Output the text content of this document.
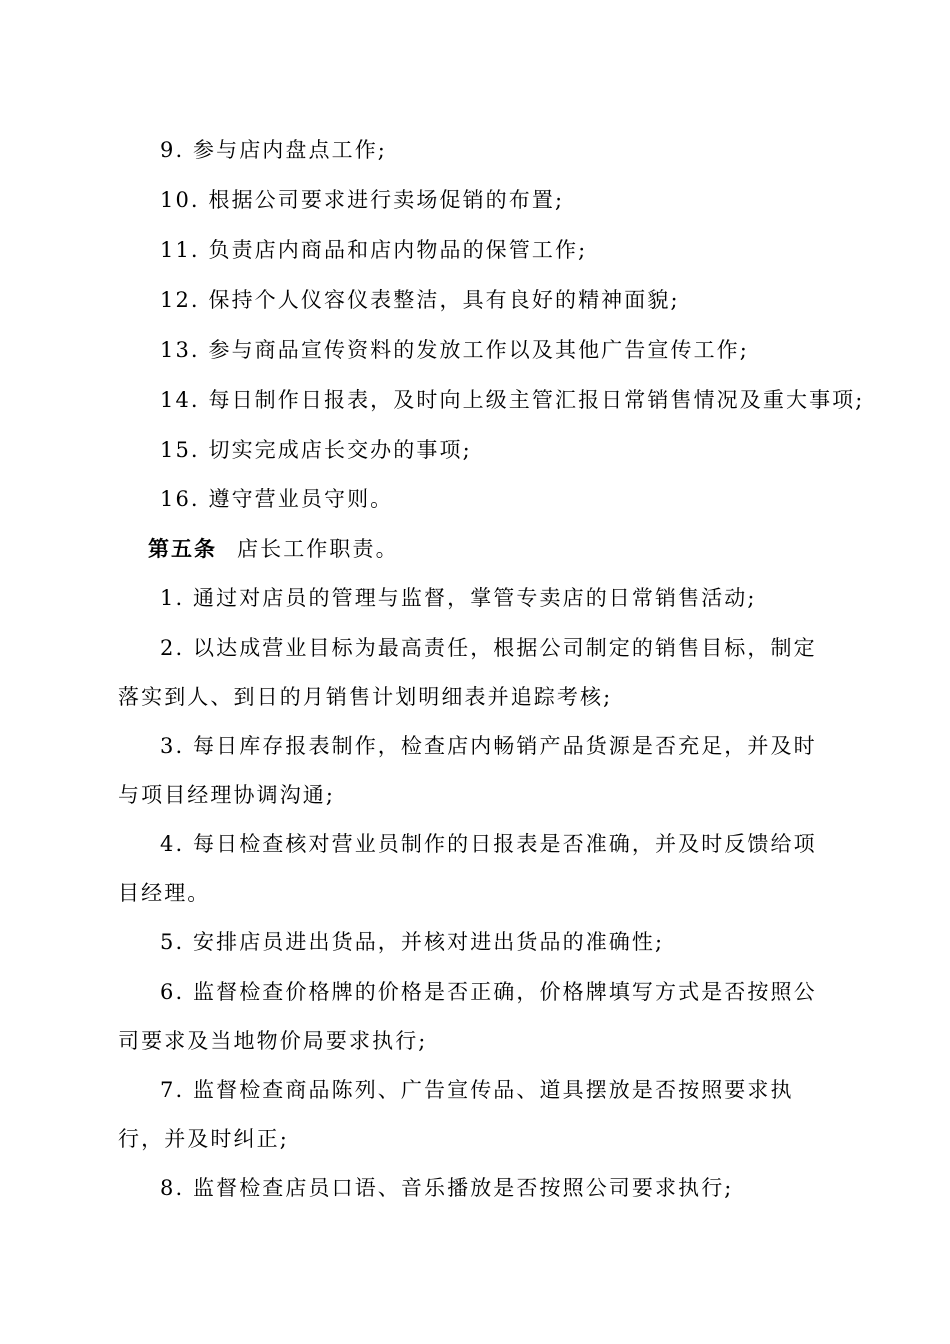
9. 参与店内盘点工作;
10. 根据公司要求进行卖场促销的布置;
11. 负责店内商品和店内物品的保管工作;
12. 保持个人仪容仪表整洁，具有良好的精神面貌;
13. 参与商品宣传资料的发放工作以及其他广告宣传工作;
14. 每日制作日报表，及时向上级主管汇报日常销售情况及重大事项;
15. 切实完成店长交办的事项;
16. 遵守营业员守则。
第五条 店长工作职责。
1. 通过对店员的管理与监督，掌管专卖店的日常销售活动;
2. 以达成营业目标为最高责任，根据公司制定的销售目标，制定落实到人、到日的月销售计划明细表并追踪考核;
3. 每日库存报表制作，检查店内畅销产品货源是否充足，并及时与项目经理协调沟通;
4. 每日检查核对营业员制作的日报表是否准确，并及时反馈给项目经理。
5. 安排店员进出货品，并核对进出货品的准确性;
6. 监督检查价格牌的价格是否正确，价格牌填写方式是否按照公司要求及当地物价局要求执行;
7. 监督检查商品陈列、广告宣传品、道具摆放是否按照要求执行，并及时纠正;
8. 监督检查店员口语、音乐播放是否按照公司要求执行;
